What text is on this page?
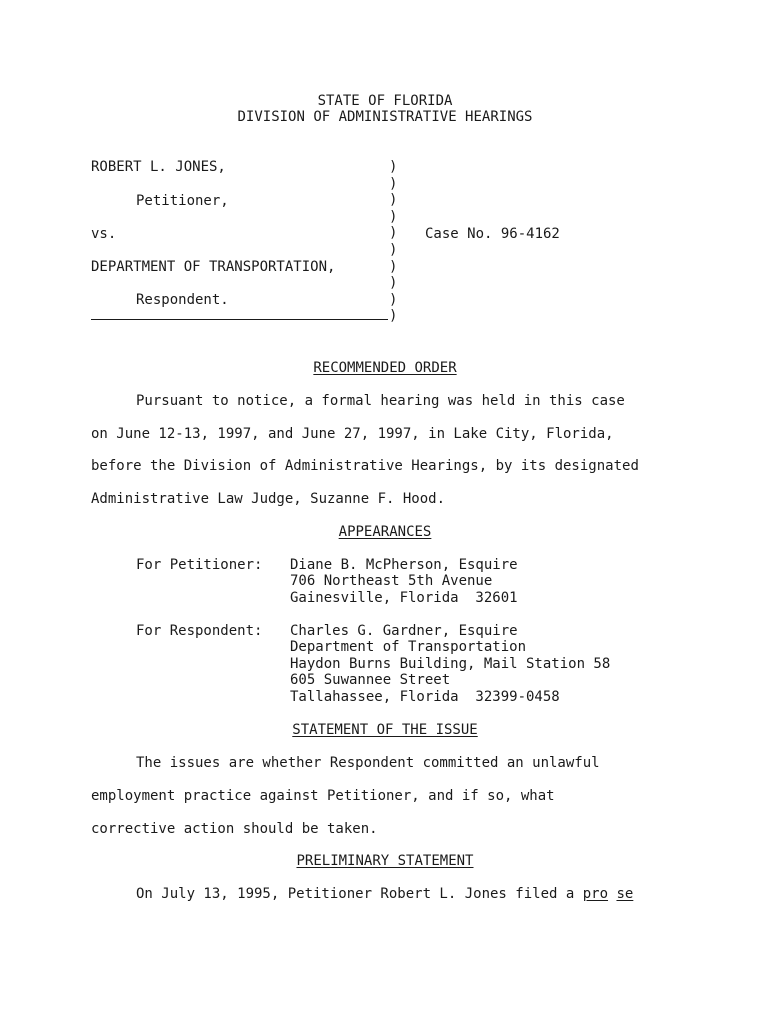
STATE OF FLORIDA
DIVISION OF ADMINISTRATIVE HEARINGS
ROBERT L. JONES,
Petitioner,
vs.	Case No. 96-4162
DEPARTMENT OF TRANSPORTATION,
Respondent.
)
)
)
)
)
)
)
)
)
)
RECOMMENDED ORDER
Pursuant to notice, a formal hearing was held in this case
on June 12-13, 1997, and June 27, 1997, in Lake City, Florida,
before the Division of Administrative Hearings, by its designated
Administrative Law Judge, Suzanne F. Hood.
APPEARANCES
For Petitioner: Diane B. McPherson, Esquire
706 Northeast 5th Avenue
Gainesville, Florida  32601
For Respondent: Charles G. Gardner, Esquire
Department of Transportation
Haydon Burns Building, Mail Station 58
605 Suwannee Street
Tallahassee, Florida  32399-0458
STATEMENT OF THE ISSUE
The issues are whether Respondent committed an unlawful
employment practice against Petitioner, and if so, what
corrective action should be taken.
PRELIMINARY STATEMENT
On July 13, 1995, Petitioner Robert L. Jones filed a pro se
